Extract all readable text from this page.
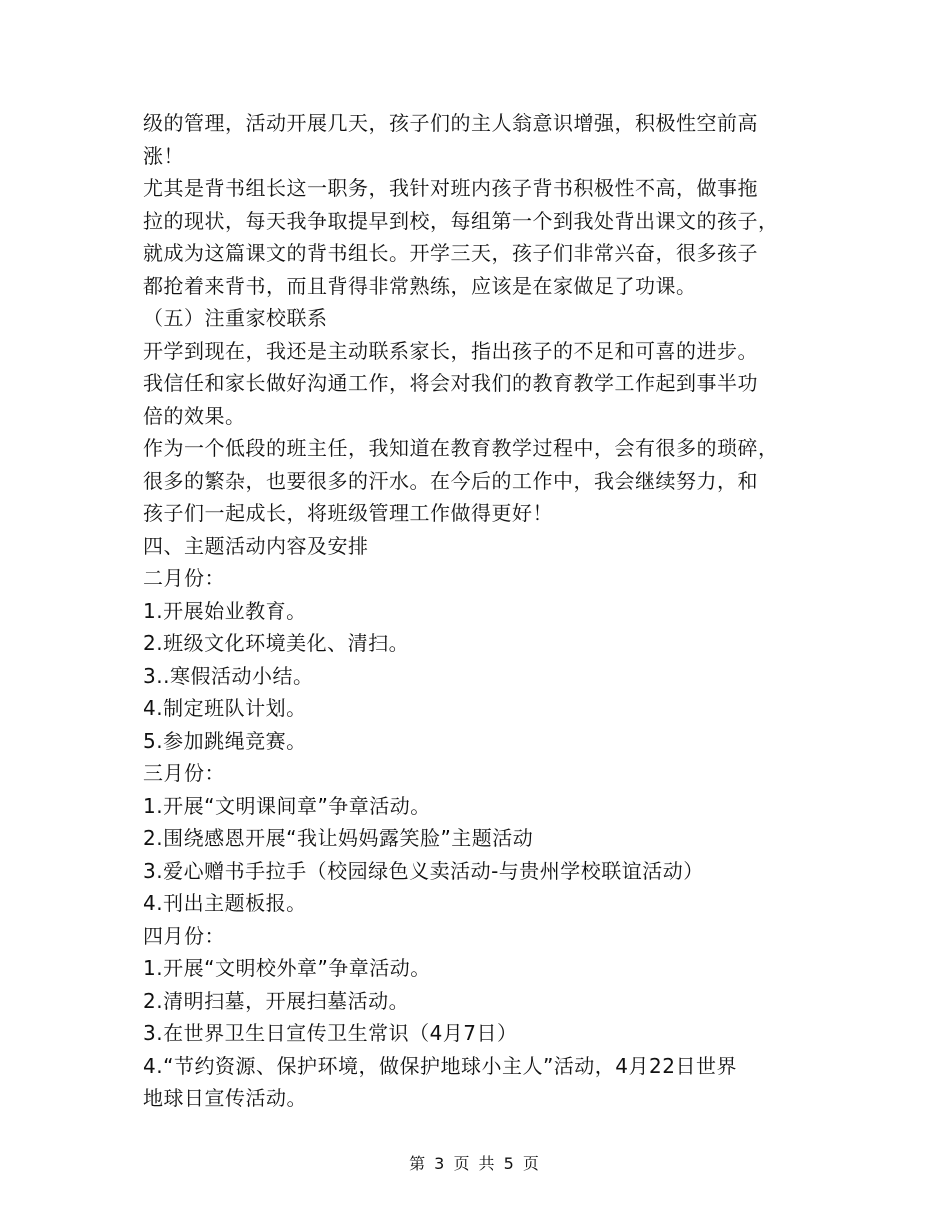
级的管理，活动开展几天，孩子们的主人翁意识增强，积极性空前高
涨！
尤其是背书组长这一职务，我针对班内孩子背书积极性不高，做事拖
拉的现状，每天我争取提早到校，每组第一个到我处背出课文的孩子，
就成为这篇课文的背书组长。开学三天，孩子们非常兴奋，很多孩子
都抢着来背书，而且背得非常熟练，应该是在家做足了功课。
（五）注重家校联系
开学到现在，我还是主动联系家长，指出孩子的不足和可喜的进步。
我信任和家长做好沟通工作，将会对我们的教育教学工作起到事半功
倍的效果。
作为一个低段的班主任，我知道在教育教学过程中，会有很多的琐碎，
很多的繁杂，也要很多的汗水。在今后的工作中，我会继续努力，和
孩子们一起成长，将班级管理工作做得更好！
四、主题活动内容及安排
二月份：
1.开展始业教育。
2.班级文化环境美化、清扫。
3..寒假活动小结。
4.制定班队计划。
5.参加跳绳竞赛。
三月份：
1.开展“文明课间章”争章活动。
2.围绕感恩开展“我让妈妈露笑脸”主题活动
3.爱心赠书手拉手（校园绿色义卖活动-与贵州学校联谊活动）
4.刊出主题板报。
四月份：
1.开展“文明校外章”争章活动。
2.清明扫墓，开展扫墓活动。
3.在世界卫生日宣传卫生常识（4月7日）
4.“节约资源、保护环境，做保护地球小主人”活动，4月22日世界
地球日宣传活动。
第 3 页 共 5 页
